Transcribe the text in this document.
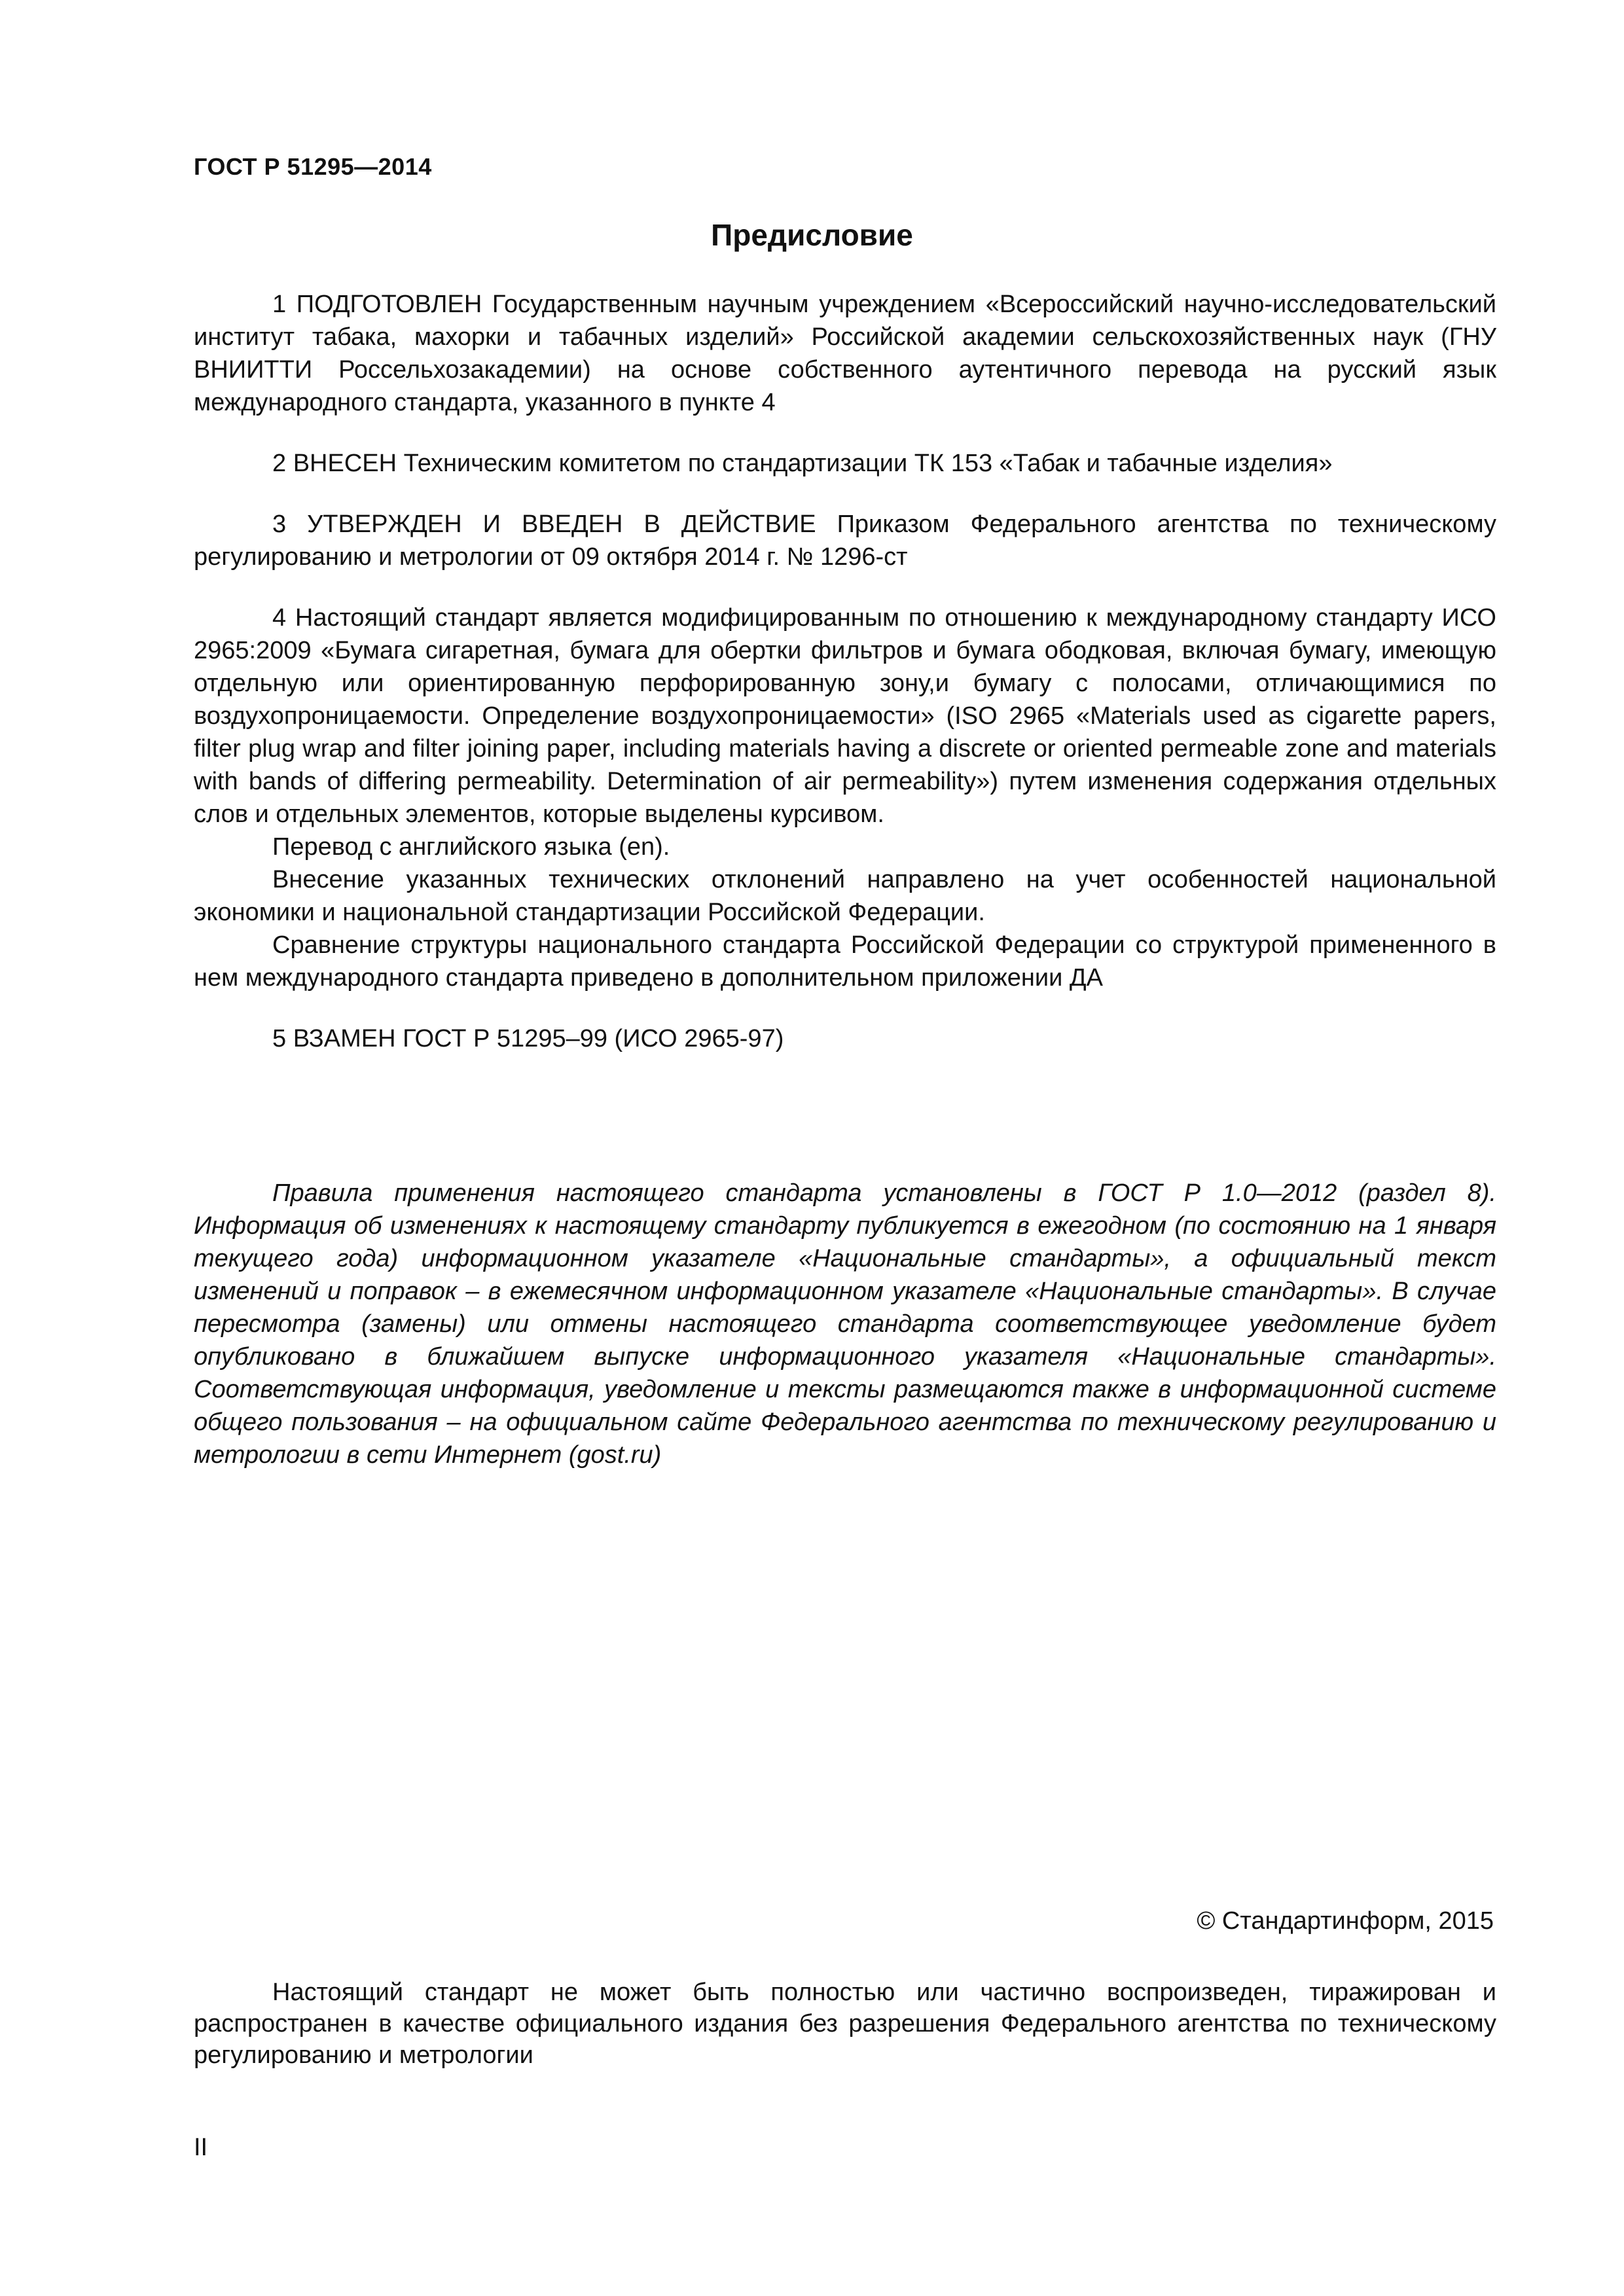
ГОСТ Р 51295—2014
Предисловие

1 ПОДГОТОВЛЕН Государственным научным учреждением «Всероссийский научно-исследовательский институт табака, махорки и табачных изделий» Российской академии сельскохозяйственных наук (ГНУ ВНИИТТИ Россельхозакадемии) на основе собственного аутентичного перевода на русский язык международного стандарта, указанного в пункте 4

2 ВНЕСЕН Техническим комитетом по стандартизации ТК 153 «Табак и табачные изделия»

3 УТВЕРЖДЕН И ВВЕДЕН В ДЕЙСТВИЕ Приказом Федерального агентства по техническому регулированию и метрологии от 09 октября 2014 г. № 1296-ст

4 Настоящий стандарт является модифицированным по отношению к международному стандарту ИСО 2965:2009 «Бумага сигаретная, бумага для обертки фильтров и бумага ободковая, включая бумагу, имеющую отдельную или ориентированную перфорированную зону,и бумагу с полосами, отличающимися по воздухопроницаемости. Определение воздухопроницаемости» (ISO 2965 «Materials used as cigarette papers, filter plug wrap and filter joining paper, including materials having a discrete or oriented permeable zone and materials with bands of differing permeability. Determination of air permeability») путем изменения содержания отдельных слов и отдельных элементов, которые выделены курсивом.

Перевод с английского языка (en).

Внесение указанных технических отклонений направлено на учет особенностей национальной экономики и национальной стандартизации Российской Федерации.

Сравнение структуры национального стандарта Российской Федерации со структурой примененного в нем международного стандарта приведено в дополнительном приложении ДА

5 ВЗАМЕН ГОСТ Р 51295–99 (ИСО 2965-97)

Правила применения настоящего стандарта установлены в ГОСТ Р 1.0—2012 (раздел 8). Информация об изменениях к настоящему стандарту публикуется в ежегодном (по состоянию на 1 января текущего года) информационном указателе «Национальные стандарты», а официальный текст изменений и поправок – в ежемесячном информационном указателе «Национальные стандарты». В случае пересмотра (замены) или отмены настоящего стандарта соответствующее уведомление будет опубликовано в ближайшем выпуске информационного указателя «Национальные стандарты». Соответствующая информация, уведомление и тексты размещаются также в информационной системе общего пользования – на официальном сайте Федерального агентства по техническому регулированию и метрологии в сети Интернет (gost.ru)

© Стандартинформ, 2015

Настоящий стандарт не может быть полностью или частично воспроизведен, тиражирован и распространен в качестве официального издания без разрешения Федерального агентства по техническому регулированию и метрологии

II
